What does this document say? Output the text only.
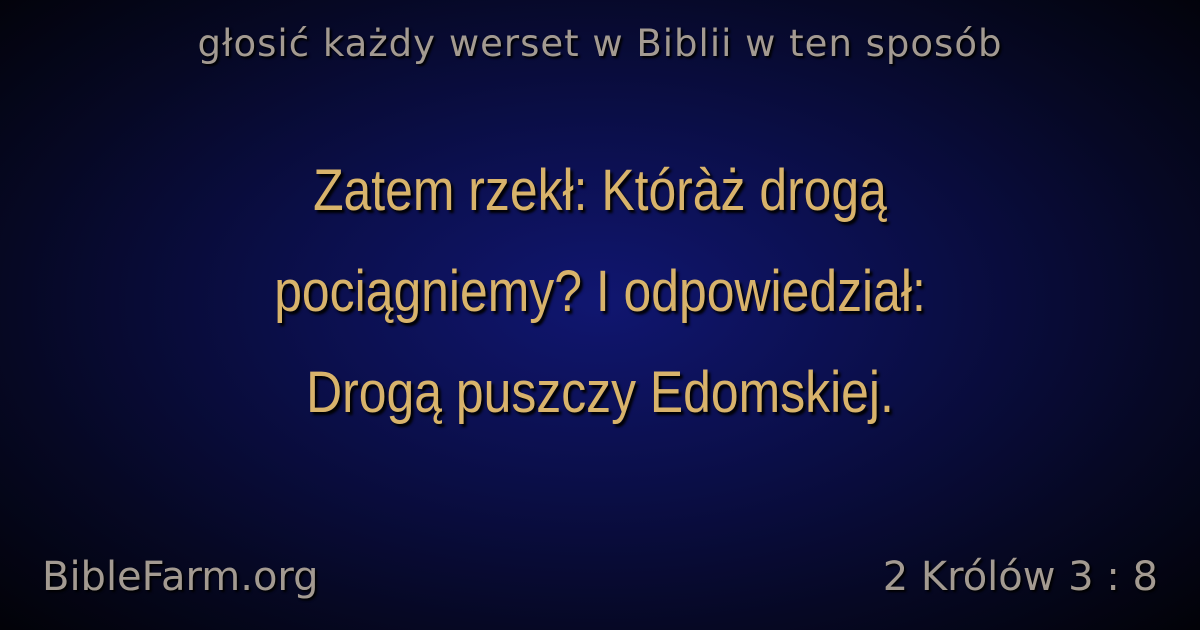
głosić każdy werset w Biblii w ten sposób
Zatem rzekł: Któràż drogą
pociągniemy? I odpowiedział:
Drogą puszczy Edomskiej.
BibleFarm.org	2 Królów 3 : 8
